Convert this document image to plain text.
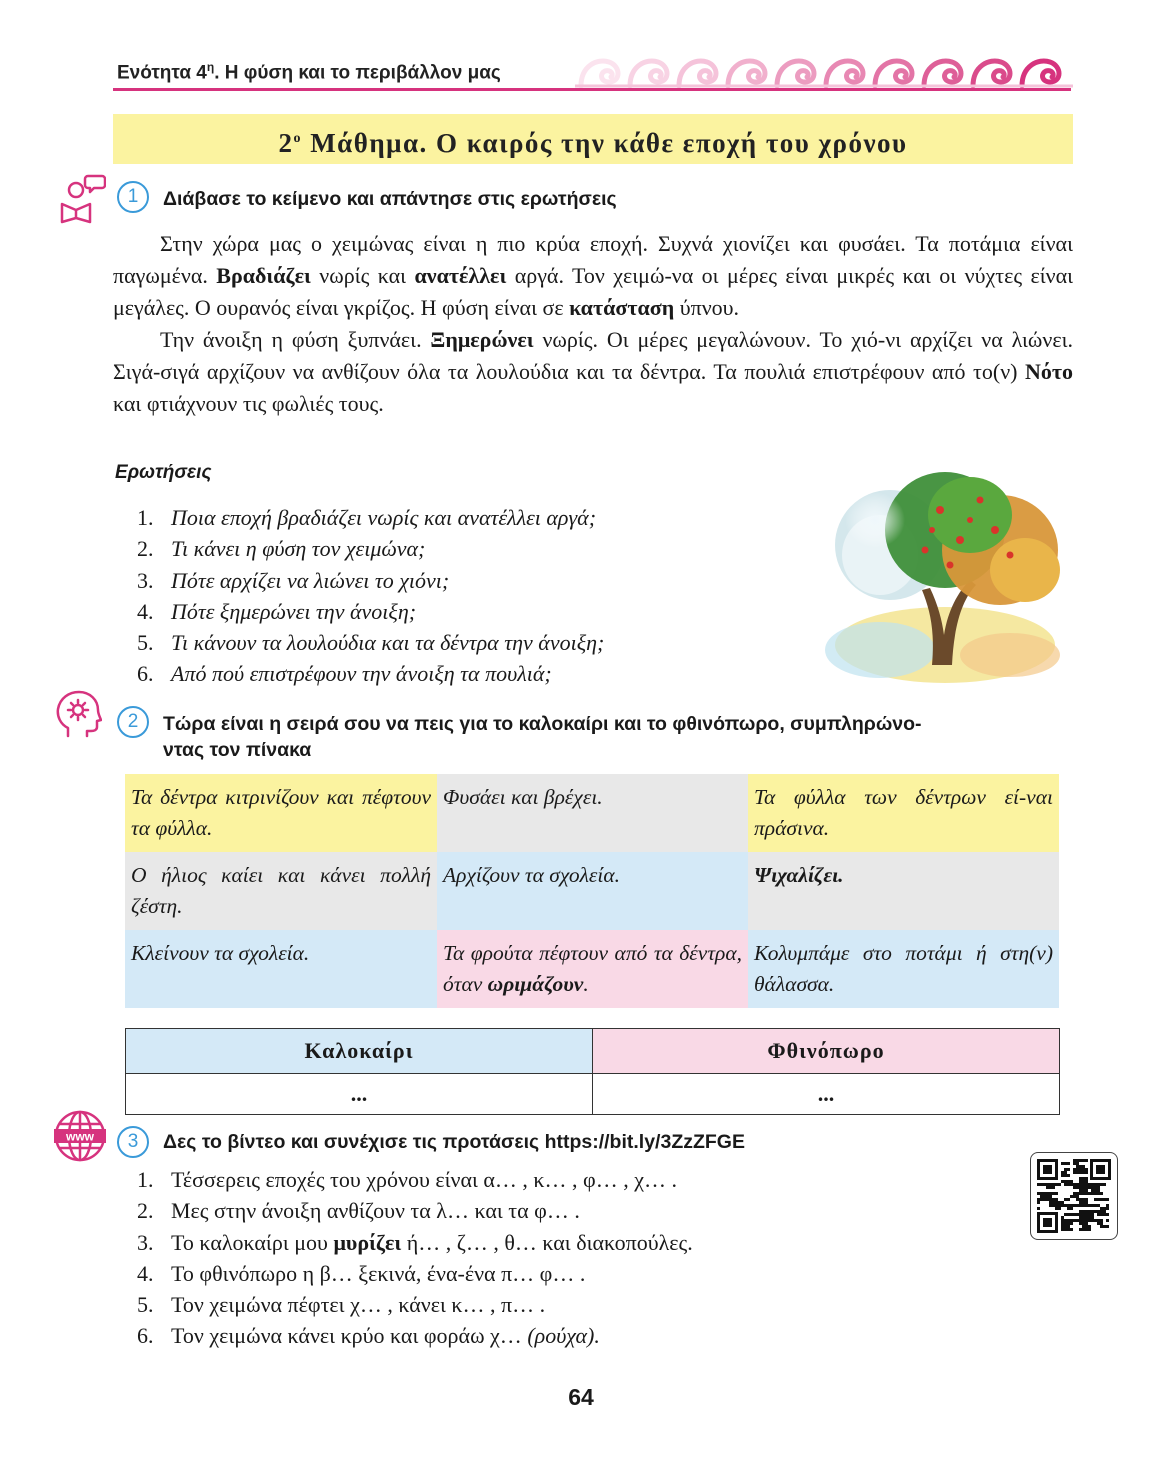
Ενότητα $4^\eta$. Η φύση και το περιβάλλον μας
$2^o$ Μάθημα. Ο καιρός την κάθε εποχή του χρόνου
1	Διάβασε το κείμενο και απάντησε στις ερωτήσεις

Στην χώρα μας ο χειμώνας είναι η πιο κρύα εποχή. Συχνά χιονίζει και φυσάει. Τα ποτάμια είναι παγωμένα. Βραδιάζει νωρίς και ανατέλλει αργά. Τον χειμώ-να οι μέρες είναι μικρές και οι νύχτες είναι μεγάλες. Ο ουρανός είναι γκρίζος. Η φύση είναι σε κατάσταση ύπνου.

Την άνοιξη η φύση ξυπνάει. Ξημερώνει νωρίς. Οι μέρες μεγαλώνουν. Το χιό-νι αρχίζει να λιώνει. Σιγά-σιγά αρχίζουν να ανθίζουν όλα τα λουλούδια και τα δέντρα. Τα πουλιά επιστρέφουν από το(ν) Νότο και φτιάχνουν τις φωλιές τους.

Ερωτήσεις
1. Ποια εποχή βραδιάζει νωρίς και ανατέλλει αργά;
2. Τι κάνει η φύση τον χειμώνα;
3. Πότε αρχίζει να λιώνει το χιόνι;
4. Πότε ξημερώνει την άνοιξη;
5. Τι κάνουν τα λουλούδια και τα δέντρα την άνοιξη;
6. Από πού επιστρέφουν την άνοιξη τα πουλιά;
2	Τώρα είναι η σειρά σου να πεις για το καλοκαίρι και το φθινόπωρο, συμπληρώνο-
ντας τον πίνακα
Τα δέντρα κιτρινίζουν και πέφτουν τα φύλλα.	Φυσάει και βρέχει.	Τα φύλλα των δέντρων εί-ναι πράσινα.
Ο ήλιος καίει και κάνει πολλή ζέστη.	Αρχίζουν τα σχολεία.	Ψιχαλίζει.
Κλείνουν τα σχολεία.	Τα φρούτα πέφτουν από τα δέντρα, όταν ωριμάζουν.	Κολυμπάμε στο ποτάμι ή στη(ν) θάλασσα.
Καλοκαίρι	Φθινόπωρο
...	...
www	3	Δες το βίντεο και συνέχισε τις προτάσεις https://bit.ly/3ZzZFGE
1. Τέσσερεις εποχές του χρόνου είναι α… , κ… , φ… , χ… .
2. Μες στην άνοιξη ανθίζουν τα λ… και τα φ… .
3. Το καλοκαίρι μου μυρίζει ή… , ζ… , θ… και διακοπούλες.
4. Το φθινόπωρο η β… ξεκινά, ένα-ένα π… φ… .
5. Τον χειμώνα πέφτει χ… , κάνει κ… , π… .
6. Τον χειμώνα κάνει κρύο και φοράω χ… (ρούχα).
64
